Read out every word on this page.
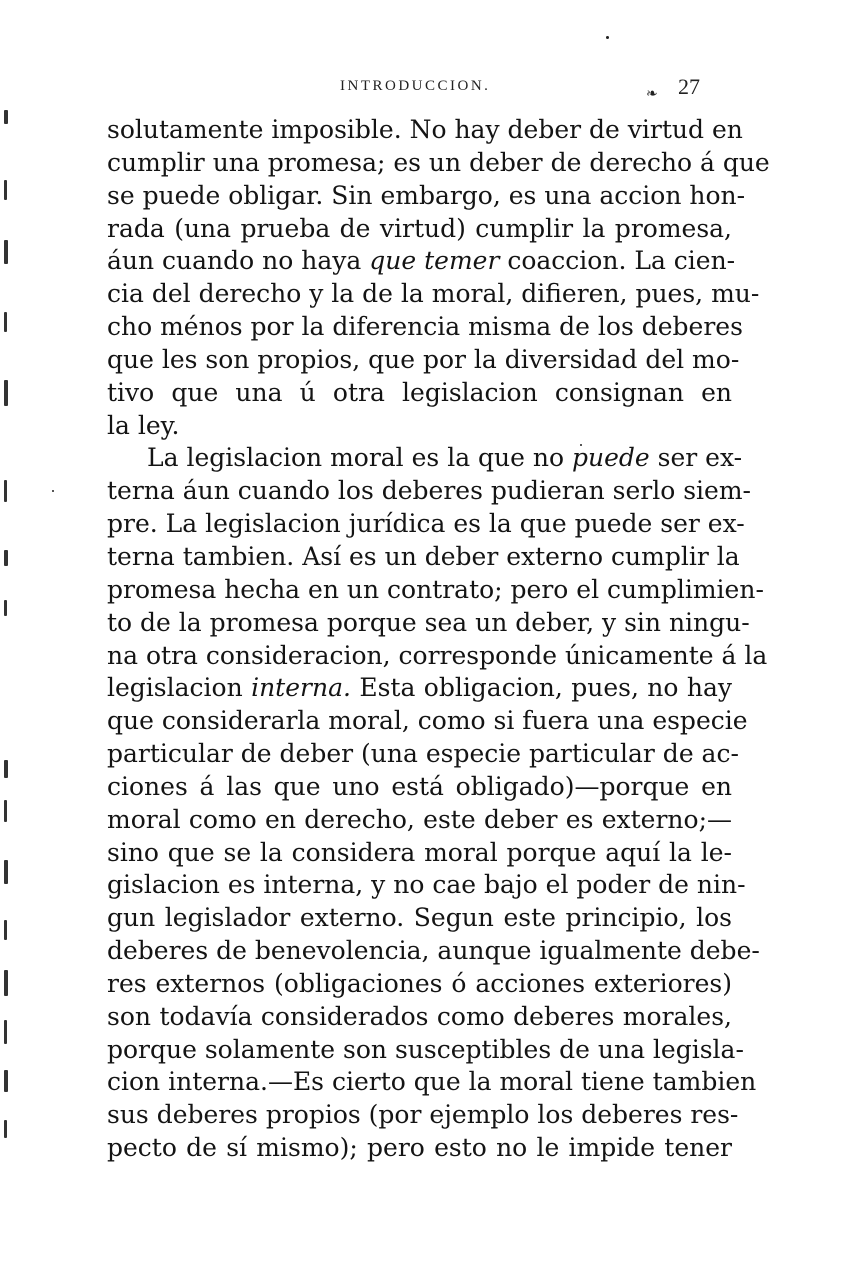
INTRODUCCION.	❧ 27
solutamente imposible. No hay deber de virtud en
cumplir una promesa; es un deber de derecho á que
se puede obligar. Sin embargo, es una accion hon-
rada (una prueba de virtud) cumplir la promesa,
áun cuando no haya que temer coaccion. La cien-
cia del derecho y la de la moral, difieren, pues, mu-
cho ménos por la diferencia misma de los deberes
que les son propios, que por la diversidad del mo-
tivo que una ú otra legislacion consignan en
la ley.
La legislacion moral es la que no puede ser ex-
terna áun cuando los deberes pudieran serlo siem-
pre. La legislacion jurídica es la que puede ser ex-
terna tambien. Así es un deber externo cumplir la
promesa hecha en un contrato; pero el cumplimien-
to de la promesa porque sea un deber, y sin ningu-
na otra consideracion, corresponde únicamente á la
legislacion interna. Esta obligacion, pues, no hay
que considerarla moral, como si fuera una especie
particular de deber (una especie particular de ac-
ciones á las que uno está obligado)—porque en
moral como en derecho, este deber es externo;—
sino que se la considera moral porque aquí la le-
gislacion es interna, y no cae bajo el poder de nin-
gun legislador externo. Segun este principio, los
deberes de benevolencia, aunque igualmente debe-
res externos (obligaciones ó acciones exteriores)
son todavía considerados como deberes morales,
porque solamente son susceptibles de una legisla-
cion interna.—Es cierto que la moral tiene tambien
sus deberes propios (por ejemplo los deberes res-
pecto de sí mismo); pero esto no le impide tener
